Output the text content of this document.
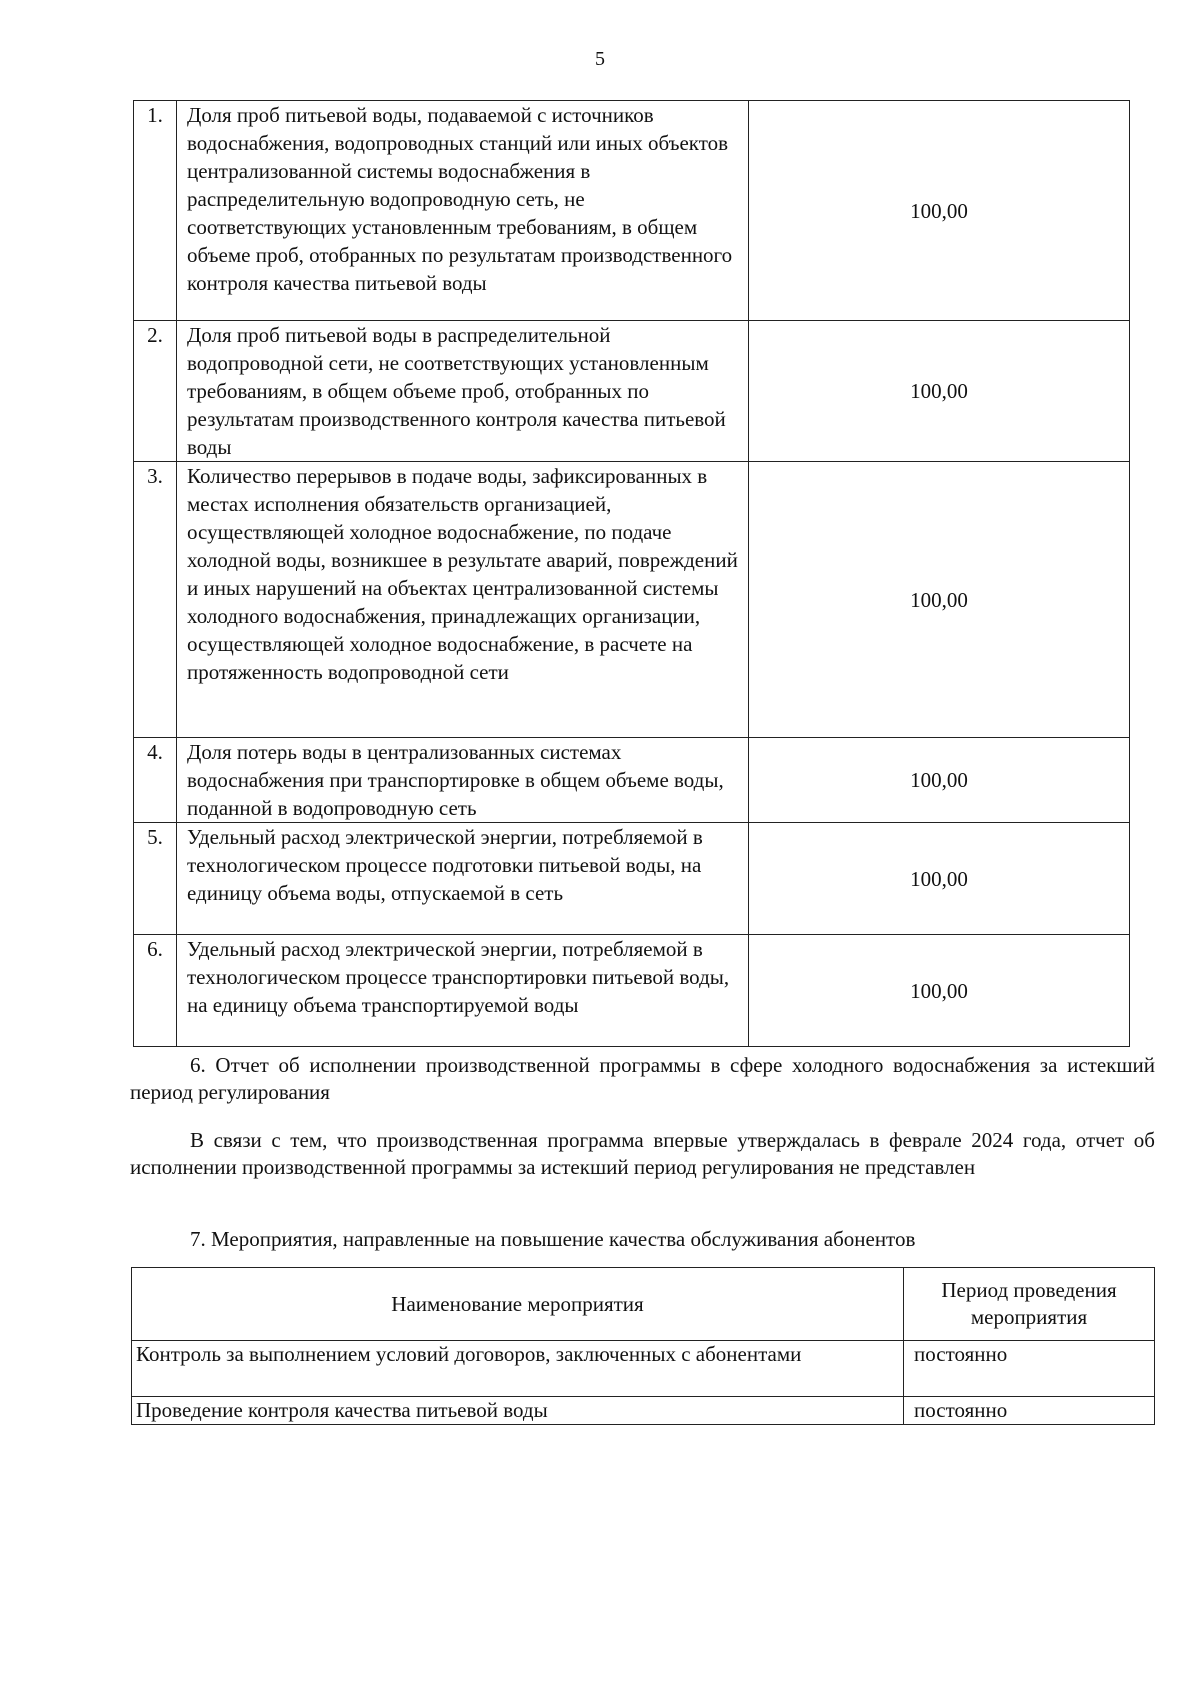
5
1.	Доля проб питьевой воды, подаваемой с источников водоснабжения, водопроводных станций или иных объектов централизованной системы водоснабжения в распределительную водопроводную сеть, не соответствующих установленным требованиям, в общем объеме проб, отобранных по результатам производственного контроля качества питьевой воды	100,00
2.	Доля проб питьевой воды в распределительной водопроводной сети, не соответствующих установленным требованиям, в общем объеме проб, отобранных по результатам производственного контроля качества питьевой воды	100,00
3.	Количество перерывов в подаче воды, зафиксированных в местах исполнения обязательств организацией, осуществляющей холодное водоснабжение, по подаче холодной воды, возникшее в результате аварий, повреждений и иных нарушений на объектах централизованной системы холодного водоснабжения, принадлежащих организации, осуществляющей холодное водоснабжение, в расчете на протяженность водопроводной сети	100,00
4.	Доля потерь воды в централизованных системах водоснабжения при транспортировке в общем объеме воды, поданной в водопроводную сеть	100,00
5.	Удельный расход электрической энергии, потребляемой в технологическом процессе подготовки питьевой воды, на единицу объема воды, отпускаемой в сеть	100,00
6.	Удельный расход электрической энергии, потребляемой в технологическом процессе транспортировки питьевой воды, на единицу объема транспортируемой воды	100,00

6. Отчет об исполнении производственной программы в сфере холодного водоснабжения за истекший период регулирования

В связи с тем, что производственная программа впервые утверждалась в феврале 2024 года, отчет об исполнении производственной программы за истекший период регулирования не представлен

7. Мероприятия, направленные на повышение качества обслуживания абонентов

Наименование мероприятия	Период проведения мероприятия
Контроль за выполнением условий договоров, заключенных с абонентами	постоянно
Проведение контроля качества питьевой воды	постоянно
